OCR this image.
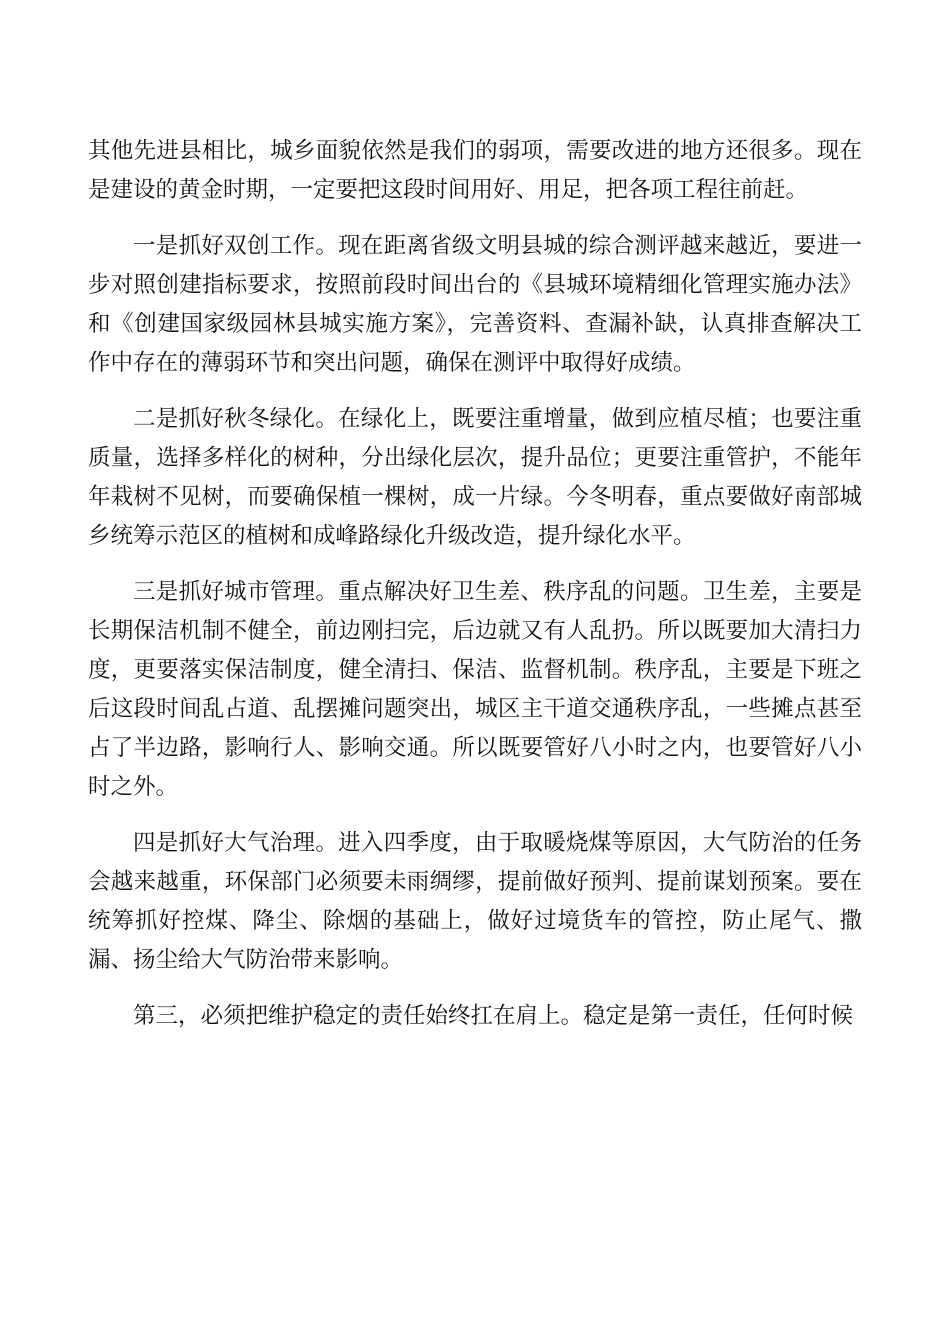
其他先进县相比，城乡面貌依然是我们的弱项，需要改进的地方还很多。现在是建设的黄金时期，一定要把这段时间用好、用足，把各项工程往前赶。

一是抓好双创工作。现在距离省级文明县城的综合测评越来越近，要进一步对照创建指标要求，按照前段时间出台的《县城环境精细化管理实施办法》和《创建国家级园林县城实施方案》，完善资料、查漏补缺，认真排查解决工作中存在的薄弱环节和突出问题，确保在测评中取得好成绩。

二是抓好秋冬绿化。在绿化上，既要注重增量，做到应植尽植；也要注重质量，选择多样化的树种，分出绿化层次，提升品位；更要注重管护，不能年年栽树不见树，而要确保植一棵树，成一片绿。今冬明春，重点要做好南部城乡统筹示范区的植树和成峰路绿化升级改造，提升绿化水平。

三是抓好城市管理。重点解决好卫生差、秩序乱的问题。卫生差，主要是长期保洁机制不健全，前边刚扫完，后边就又有人乱扔。所以既要加大清扫力度，更要落实保洁制度，健全清扫、保洁、监督机制。秩序乱，主要是下班之后这段时间乱占道、乱摆摊问题突出，城区主干道交通秩序乱，一些摊点甚至占了半边路，影响行人、影响交通。所以既要管好八小时之内，也要管好八小时之外。

四是抓好大气治理。进入四季度，由于取暖烧煤等原因，大气防治的任务会越来越重，环保部门必须要未雨绸缪，提前做好预判、提前谋划预案。要在统筹抓好控煤、降尘、除烟的基础上，做好过境货车的管控，防止尾气、撒漏、扬尘给大气防治带来影响。

第三，必须把维护稳定的责任始终扛在肩上。稳定是第一责任，任何时候
